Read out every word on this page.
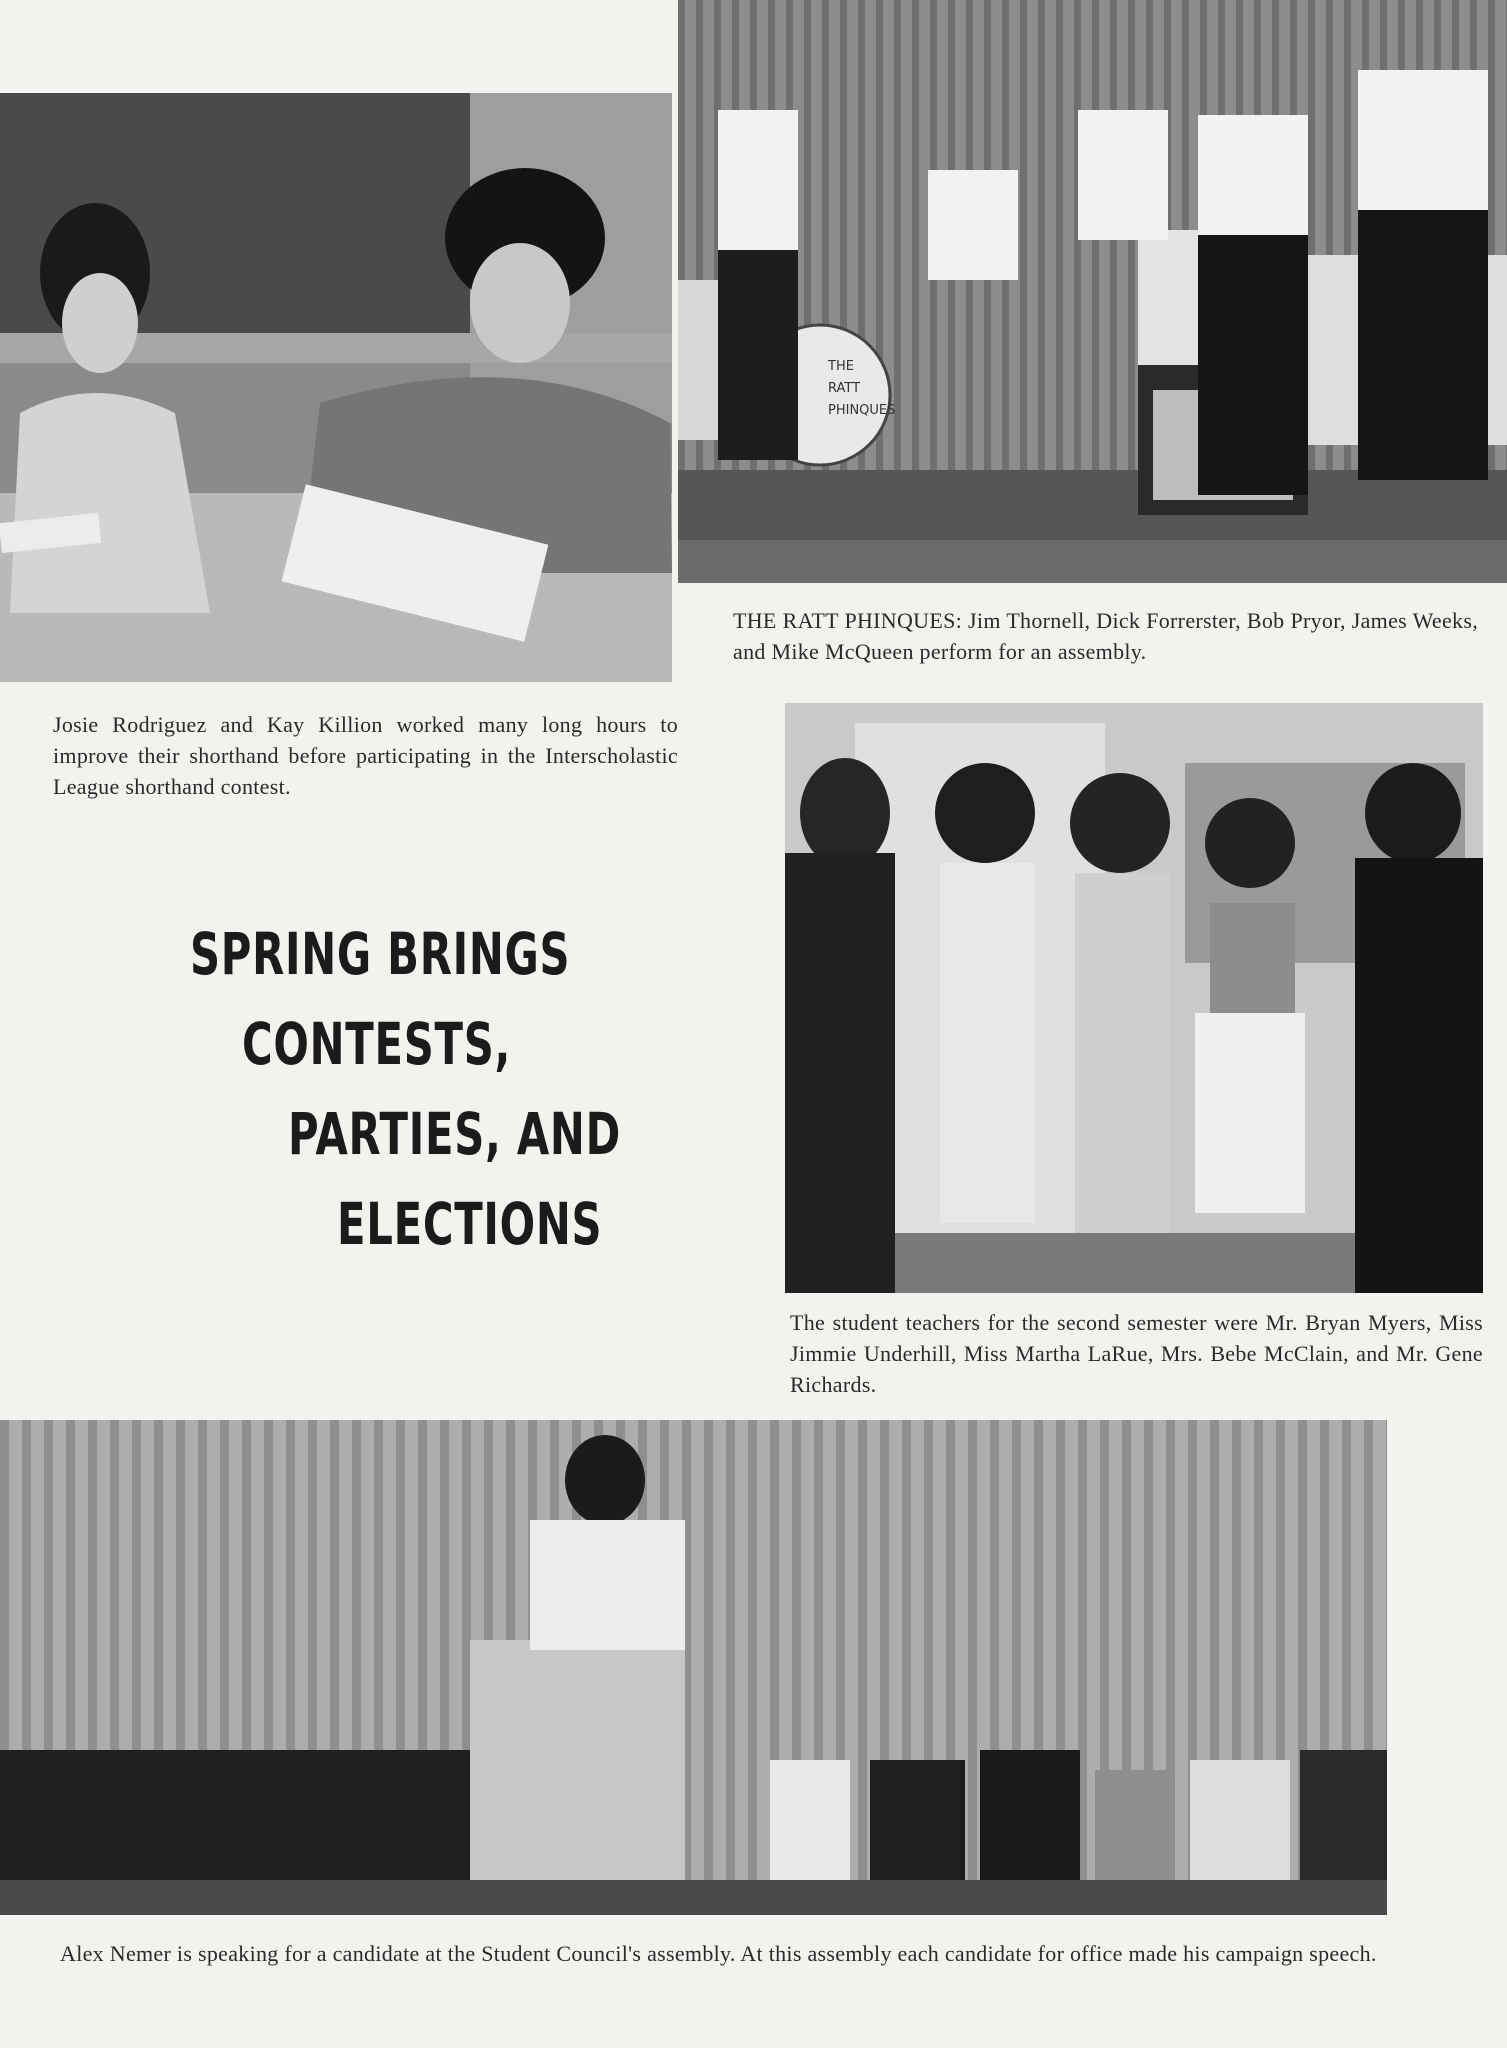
THE
RATT
PHINQUES

THE RATT PHINQUES: Jim Thornell, Dick Forrerster, Bob Pryor, James Weeks, and Mike McQueen perform for an assembly.

Josie Rodriguez and Kay Killion worked many long hours to improve their shorthand before participating in the Interscholastic League shorthand contest.

SPRING BRINGS
CONTESTS,
PARTIES, AND
ELECTIONS

The student teachers for the second semester were Mr. Bryan Myers, Miss Jimmie Underhill, Miss Martha LaRue, Mrs. Bebe McClain, and Mr. Gene Richards.

Alex Nemer is speaking for a candidate at the Student Council's assembly. At this assembly each candidate for office made his campaign speech.
